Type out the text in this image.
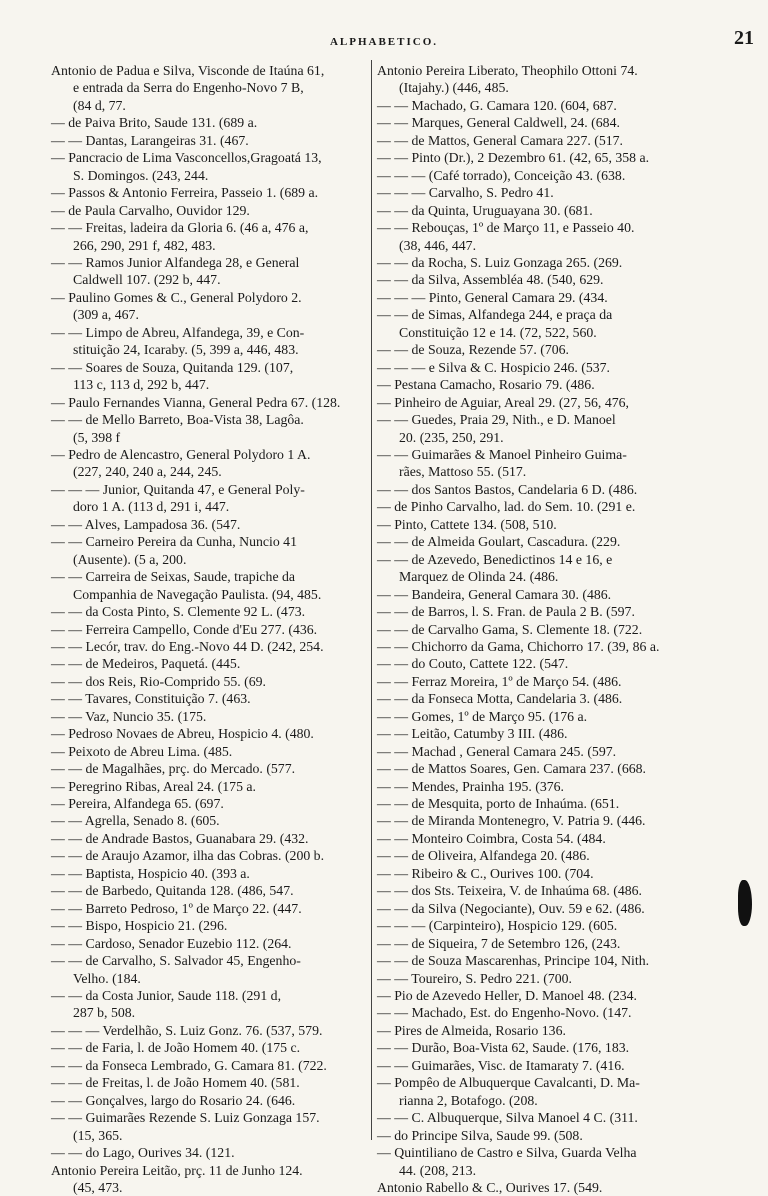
ALPHABETICO.	21
Antonio de Padua e Silva, Visconde de Itaúna 61,
e entrada da Serra do Engenho-Novo 7 B,
(84 d, 77.
— de Paiva Brito, Saude 131. (689 a.
— — Dantas, Larangeiras 31. (467.
— Pancracio de Lima Vasconcellos,Gragoatá 13,
S. Domingos. (243, 244.
— Passos & Antonio Ferreira, Passeio 1. (689 a.
— de Paula Carvalho, Ouvidor 129.
— — Freitas, ladeira da Gloria 6. (46 a, 476 a,
266, 290, 291 f, 482, 483.
— — Ramos Junior Alfandega 28, e General
Caldwell 107. (292 b, 447.
— Paulino Gomes & C., General Polydoro 2.
(309 a, 467.
— — Limpo de Abreu, Alfandega, 39, e Con-
stituição 24, Icaraby. (5, 399 a, 446, 483.
— — Soares de Souza, Quitanda 129. (107,
113 c, 113 d, 292 b, 447.
— Paulo Fernandes Vianna, General Pedra 67. (128.
— — de Mello Barreto, Boa-Vista 38, Lagôa.
(5, 398 f
— Pedro de Alencastro, General Polydoro 1 A.
(227, 240, 240 a, 244, 245.
— — — Junior, Quitanda 47, e General Poly-
doro 1 A. (113 d, 291 i, 447.
— — Alves, Lampadosa 36. (547.
— — Carneiro Pereira da Cunha, Nuncio 41
(Ausente). (5 a, 200.
— — Carreira de Seixas, Saude, trapiche da
Companhia de Navegação Paulista. (94, 485.
— — da Costa Pinto, S. Clemente 92 L. (473.
— — Ferreira Campello, Conde d'Eu 277. (436.
— — Lecór, trav. do Eng.-Novo 44 D. (242, 254.
— — de Medeiros, Paquetá. (445.
— — dos Reis, Rio-Comprido 55. (69.
— — Tavares, Constituição 7. (463.
— — Vaz, Nuncio 35. (175.
— Pedroso Novaes de Abreu, Hospicio 4. (480.
— Peixoto de Abreu Lima. (485.
— — de Magalhães, prç. do Mercado. (577.
— Peregrino Ribas, Areal 24. (175 a.
— Pereira, Alfandega 65. (697.
— — Agrella, Senado 8. (605.
— — de Andrade Bastos, Guanabara 29. (432.
— — de Araujo Azamor, ilha das Cobras. (200 b.
— — Baptista, Hospicio 40. (393 a.
— — de Barbedo, Quitanda 128. (486, 547.
— — Barreto Pedroso, 1º de Março 22. (447.
— — Bispo, Hospicio 21. (296.
— — Cardoso, Senador Euzebio 112. (264.
— — de Carvalho, S. Salvador 45, Engenho-
Velho. (184.
— — da Costa Junior, Saude 118. (291 d,
287 b, 508.
— — — Verdelhão, S. Luiz Gonz. 76. (537, 579.
— — de Faria, l. de João Homem 40. (175 c.
— — da Fonseca Lembrado, G. Camara 81. (722.
— — de Freitas, l. de João Homem 40. (581.
— — Gonçalves, largo do Rosario 24. (646.
— — Guimarães Rezende S. Luiz Gonzaga 157.
(15, 365.
— — do Lago, Ourives 34. (121.
Antonio Pereira Leitão, prç. 11 de Junho 124.
(45, 473.
Antonio Pereira Liberato, Theophilo Ottoni 74.
(Itajahy.) (446, 485.
— — Machado, G. Camara 120. (604, 687.
— — Marques, General Caldwell, 24. (684.
— — de Mattos, General Camara 227. (517.
— — Pinto (Dr.), 2 Dezembro 61. (42, 65, 358 a.
— — — (Café torrado), Conceição 43. (638.
— — — Carvalho, S. Pedro 41.
— — da Quinta, Uruguayana 30. (681.
— — Rebouças, 1º de Março 11, e Passeio 40.
(38, 446, 447.
— — da Rocha, S. Luiz Gonzaga 265. (269.
— — da Silva, Assembléa 48. (540, 629.
— — — Pinto, General Camara 29. (434.
— — de Simas, Alfandega 244, e praça da
Constituição 12 e 14. (72, 522, 560.
— — de Souza, Rezende 57. (706.
— — — e Silva & C. Hospicio 246. (537.
— Pestana Camacho, Rosario 79. (486.
— Pinheiro de Aguiar, Areal 29. (27, 56, 476,
— — Guedes, Praia 29, Nith., e D. Manoel
20. (235, 250, 291.
— — Guimarães & Manoel Pinheiro Guima-
rães, Mattoso 55. (517.
— — dos Santos Bastos, Candelaria 6 D. (486.
— de Pinho Carvalho, lad. do Sem. 10. (291 e.
— Pinto, Cattete 134. (508, 510.
— — de Almeida Goulart, Cascadura. (229.
— — de Azevedo, Benedictinos 14 e 16, e
Marquez de Olinda 24. (486.
— — Bandeira, General Camara 30. (486.
— — de Barros, l. S. Fran. de Paula 2 B. (597.
— — de Carvalho Gama, S. Clemente 18. (722.
— — Chichorro da Gama, Chichorro 17. (39, 86 a.
— — do Couto, Cattete 122. (547.
— — Ferraz Moreira, 1º de Março 54. (486.
— — da Fonseca Motta, Candelaria 3. (486.
— — Gomes, 1º de Março 95. (176 a.
— — Leitão, Catumby 3 III. (486.
— — Machad , General Camara 245. (597.
— — de Mattos Soares, Gen. Camara 237. (668.
— — Mendes, Prainha 195. (376.
— — de Mesquita, porto de Inhaúma. (651.
— — de Miranda Montenegro, V. Patria 9. (446.
— — Monteiro Coimbra, Costa 54. (484.
— — de Oliveira, Alfandega 20. (486.
— — Ribeiro & C., Ourives 100. (704.
— — dos Sts. Teixeira, V. de Inhaúma 68. (486.
— — da Silva (Negociante), Ouv. 59 e 62. (486.
— — — (Carpinteiro), Hospicio 129. (605.
— — de Siqueira, 7 de Setembro 126, (243.
— — de Souza Mascarenhas, Principe 104, Nith.
— — Toureiro, S. Pedro 221. (700.
— Pio de Azevedo Heller, D. Manoel 48. (234.
— — Machado, Est. do Engenho-Novo. (147.
— Pires de Almeida, Rosario 136.
— — Durão, Boa-Vista 62, Saude. (176, 183.
— — Guimarães, Visc. de Itamaraty 7. (416.
— Pompêo de Albuquerque Cavalcanti, D. Ma-
rianna 2, Botafogo. (208.
— — C. Albuquerque, Silva Manoel 4 C. (311.
— do Principe Silva, Saude 99. (508.
— Quintiliano de Castro e Silva, Guarda Velha
44. (208, 213.
Antonio Rabello & C., Ourives 17. (549.
